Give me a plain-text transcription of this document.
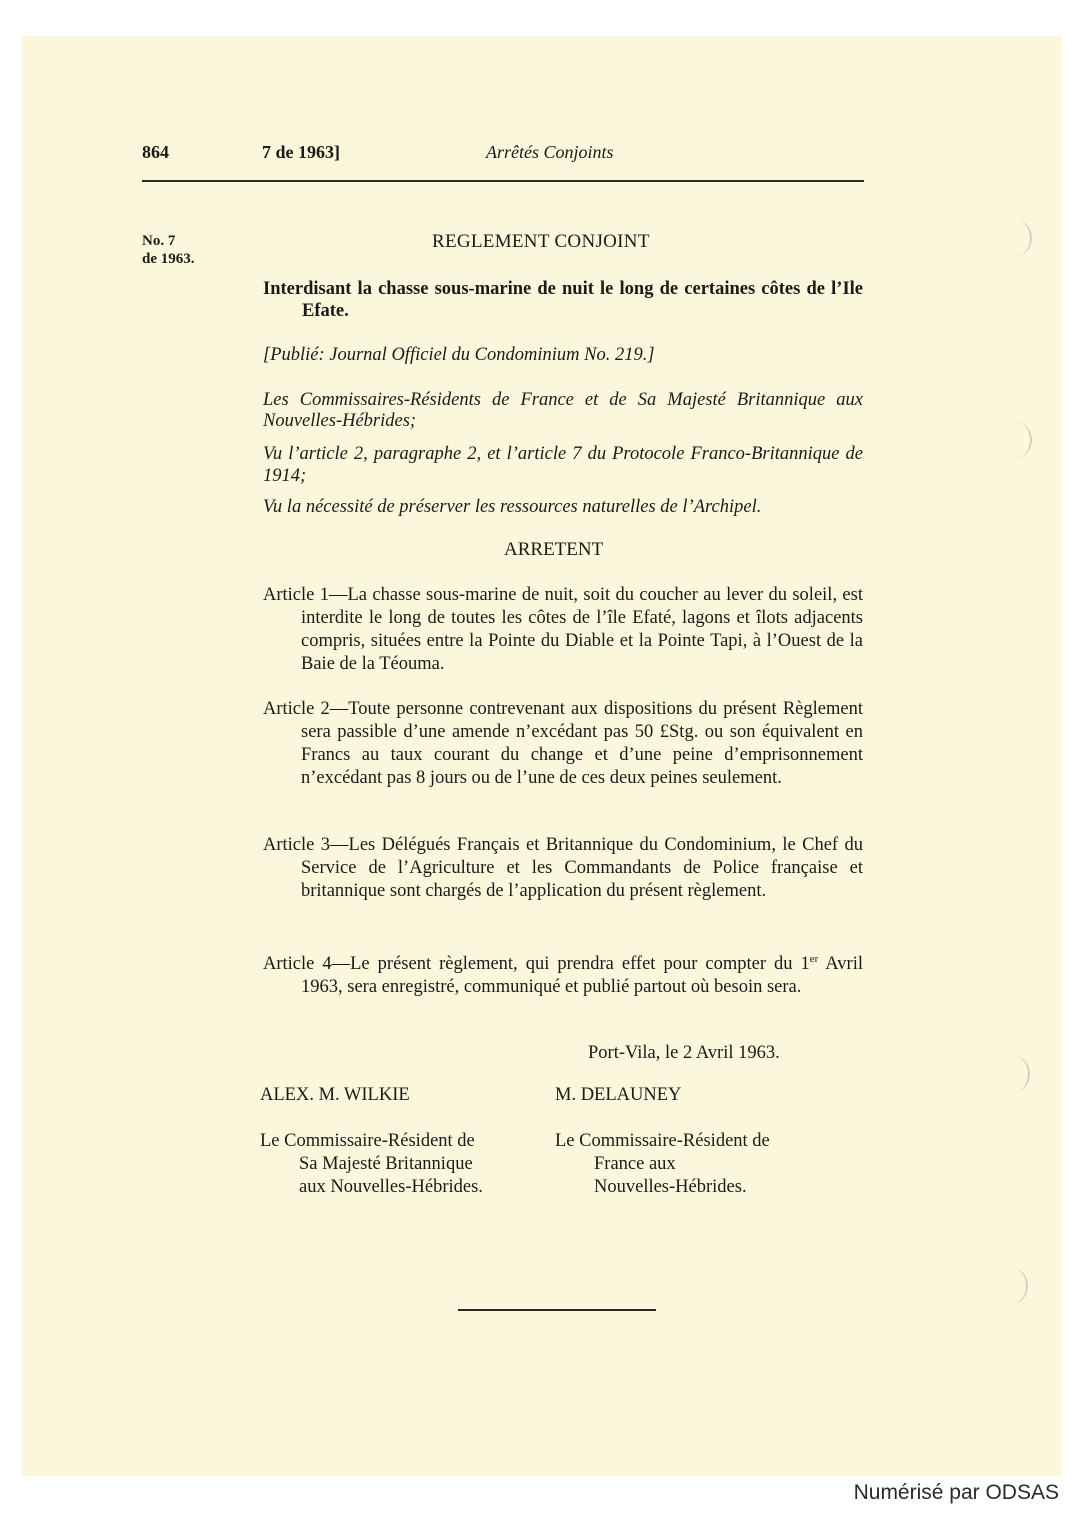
864	7 de 1963]	Arrêtés Conjoints
No. 7
de 1963.
REGLEMENT CONJOINT
Interdisant la chasse sous-marine de nuit le long de certaines côtes de l’Ile Efate.
[Publié: Journal Officiel du Condominium No. 219.]
Les Commissaires-Résidents de France et de Sa Majesté Britannique aux Nouvelles-Hébrides;
Vu l’article 2, paragraphe 2, et l’article 7 du Protocole Franco-Britannique de 1914;
Vu la nécessité de préserver les ressources naturelles de l’Archipel.
ARRETENT
Article 1—La chasse sous-marine de nuit, soit du coucher au lever du soleil, est interdite le long de toutes les côtes de l’île Efaté, lagons et îlots adjacents compris, situées entre la Pointe du Diable et la Pointe Tapi, à l’Ouest de la Baie de la Téouma.
Article 2—Toute personne contrevenant aux dispositions du présent Règlement sera passible d’une amende n’excédant pas 50 £Stg. ou son équivalent en Francs au taux courant du change et d’une peine d’emprisonnement n’excédant pas 8 jours ou de l’une de ces deux peines seulement.
Article 3—Les Délégués Français et Britannique du Condominium, le Chef du Service de l’Agriculture et les Commandants de Police française et britannique sont chargés de l’application du présent règlement.
Article 4—Le présent règlement, qui prendra effet pour compter du 1er Avril 1963, sera enregistré, communiqué et publié partout où besoin sera.
Port-Vila, le 2 Avril 1963.
ALEX. M. WILKIE	M. DELAUNEY
Le Commissaire-Résident de
Sa Majesté Britannique
aux Nouvelles-Hébrides.
Le Commissaire-Résident de
France aux
Nouvelles-Hébrides.
Numérisé par ODSAS
